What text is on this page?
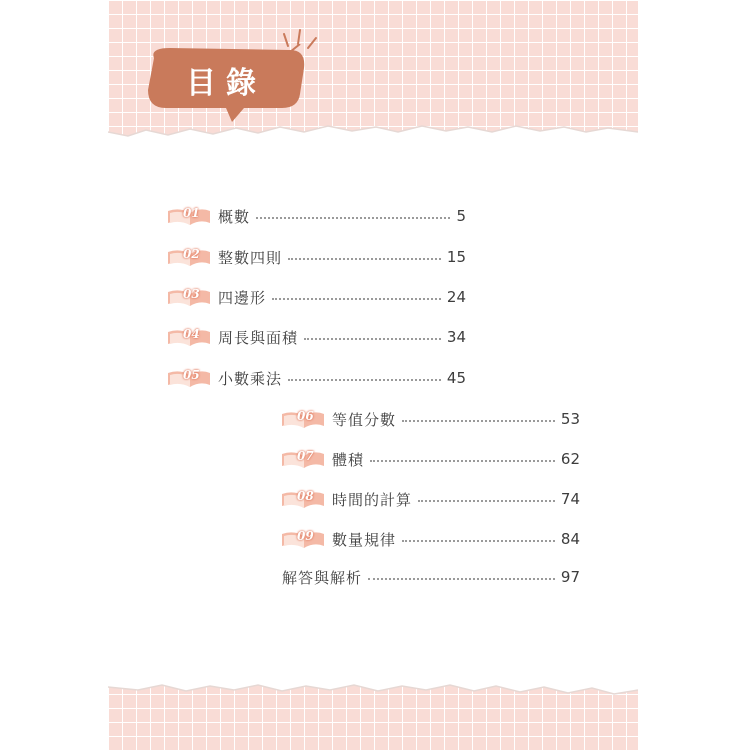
目錄
01 概數	5
02 整數四則	15
03 四邊形	24
04 周長與面積	34
05 小數乘法	45
06 等值分數	53
07 體積	62
08 時間的計算	74
09 數量規律	84
解答與解析	97
